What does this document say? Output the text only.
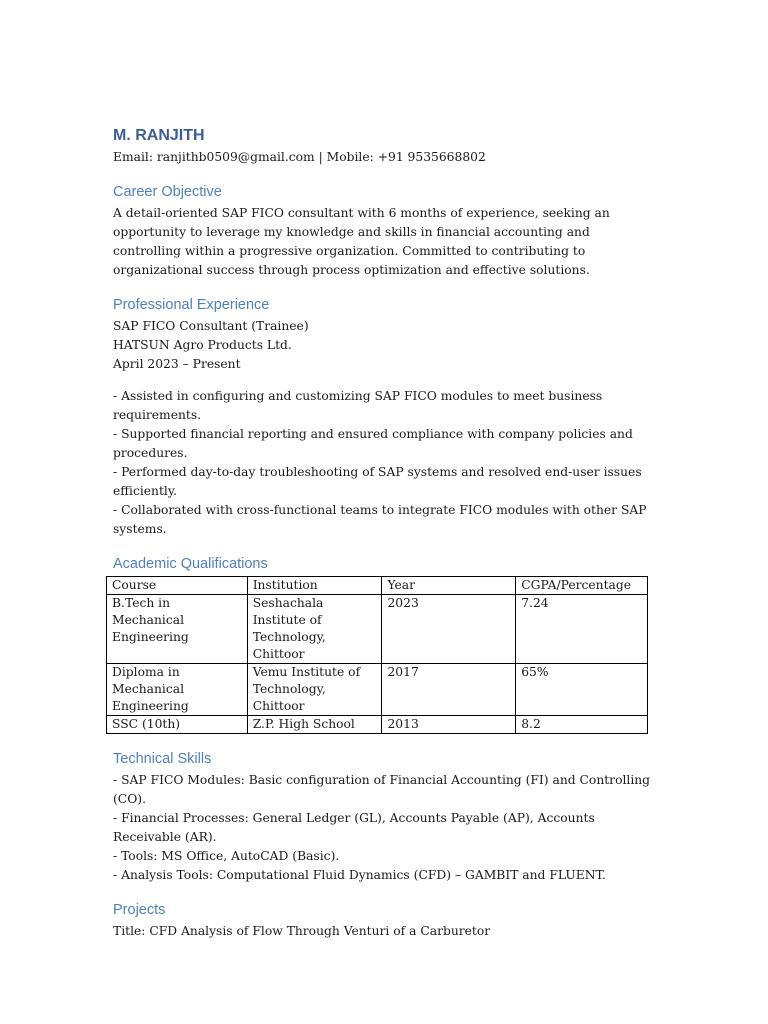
M. RANJITH
Email: ranjithb0509@gmail.com | Mobile: +91 9535668802
Career Objective

A detail-oriented SAP FICO consultant with 6 months of experience, seeking an opportunity to leverage my knowledge and skills in financial accounting and controlling within a progressive organization. Committed to contributing to organizational success through process optimization and effective solutions.

Professional Experience
SAP FICO Consultant (Trainee)
HATSUN Agro Products Ltd.
April 2023 – Present
- Assisted in configuring and customizing SAP FICO modules to meet business requirements.
- Supported financial reporting and ensured compliance with company policies and procedures.
- Performed day-to-day troubleshooting of SAP systems and resolved end-user issues efficiently.
- Collaborated with cross-functional teams to integrate FICO modules with other SAP systems.
Academic Qualifications
Course	Institution	Year	CGPA/Percentage
B.Tech in Mechanical Engineering	Seshachala Institute of Technology, Chittoor	2023	7.24
Diploma in Mechanical Engineering	Vemu Institute of Technology, Chittoor	2017	65%
SSC (10th)	Z.P. High School	2013	8.2
Technical Skills
- SAP FICO Modules: Basic configuration of Financial Accounting (FI) and Controlling (CO).
- Financial Processes: General Ledger (GL), Accounts Payable (AP), Accounts Receivable (AR).
- Tools: MS Office, AutoCAD (Basic).
- Analysis Tools: Computational Fluid Dynamics (CFD) – GAMBIT and FLUENT.
Projects
Title: CFD Analysis of Flow Through Venturi of a Carburetor
